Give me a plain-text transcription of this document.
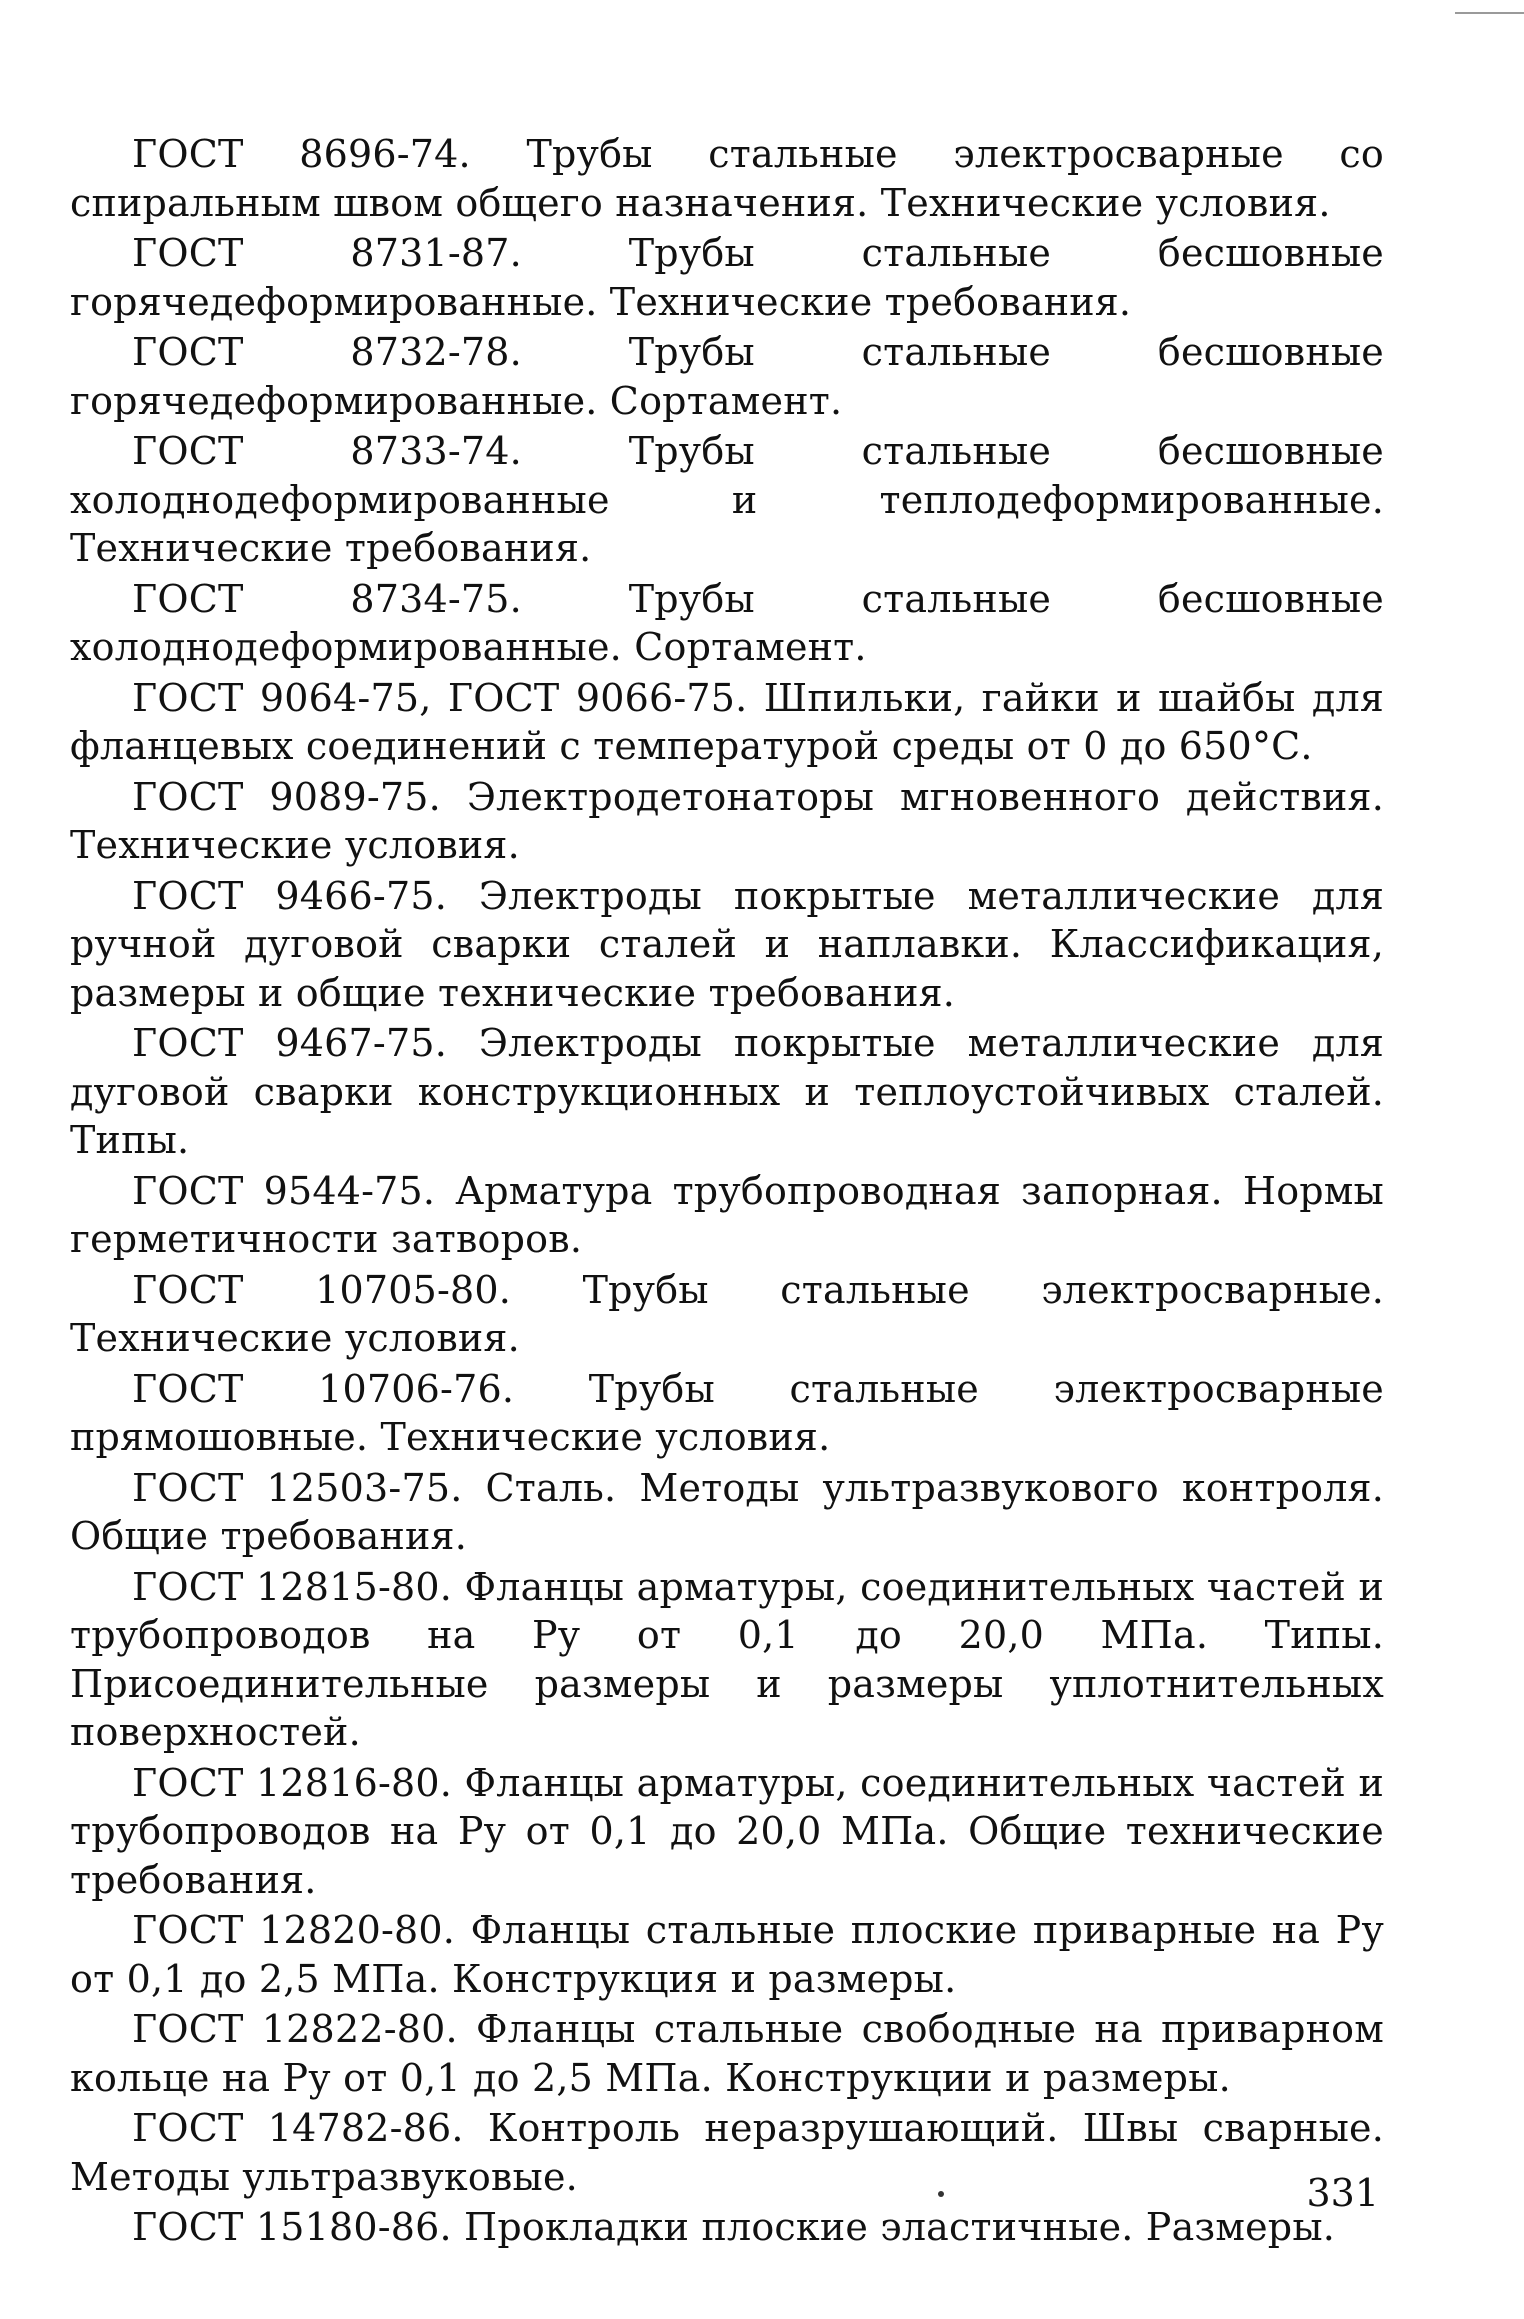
ГОСТ 8696-74. Трубы стальные электросварные со спиральным швом общего назначения. Технические условия.

ГОСТ 8731-87. Трубы стальные бесшовные горячедеформированные. Технические требования.

ГОСТ 8732-78. Трубы стальные бесшовные горячедеформированные. Сортамент.

ГОСТ 8733-74. Трубы стальные бесшовные холоднодеформированные и теплодеформированные. Технические требования.

ГОСТ 8734-75. Трубы стальные бесшовные холоднодеформированные. Сортамент.

ГОСТ 9064-75, ГОСТ 9066-75. Шпильки, гайки и шайбы для фланцевых соединений с температурой среды от 0 до 650°С.

ГОСТ 9089-75. Электродетонаторы мгновенного действия. Технические условия.

ГОСТ 9466-75. Электроды покрытые металлические для ручной дуговой сварки сталей и наплавки. Классификация, размеры и общие технические требования.

ГОСТ 9467-75. Электроды покрытые металлические для дуговой сварки конструкционных и теплоустойчивых сталей. Типы.

ГОСТ 9544-75. Арматура трубопроводная запорная. Нормы герметичности затворов.

ГОСТ 10705-80. Трубы стальные электросварные. Технические условия.

ГОСТ 10706-76. Трубы стальные электросварные прямошовные. Технические условия.

ГОСТ 12503-75. Сталь. Методы ультразвукового контроля. Общие требования.

ГОСТ 12815-80. Фланцы арматуры, соединительных частей и трубопроводов на Ру от 0,1 до 20,0 МПа. Типы. Присоединительные размеры и размеры уплотнительных поверхностей.

ГОСТ 12816-80. Фланцы арматуры, соединительных частей и трубопроводов на Ру от 0,1 до 20,0 МПа. Общие технические требования.

ГОСТ 12820-80. Фланцы стальные плоские приварные на Ру от 0,1 до 2,5 МПа. Конструкция и размеры.

ГОСТ 12822-80. Фланцы стальные свободные на приварном кольце на Ру от 0,1 до 2,5 МПа. Конструкции и размеры.

ГОСТ 14782-86. Контроль неразрушающий. Швы сварные. Методы ультразвуковые.

ГОСТ 15180-86. Прокладки плоские эластичные. Размеры.

331
